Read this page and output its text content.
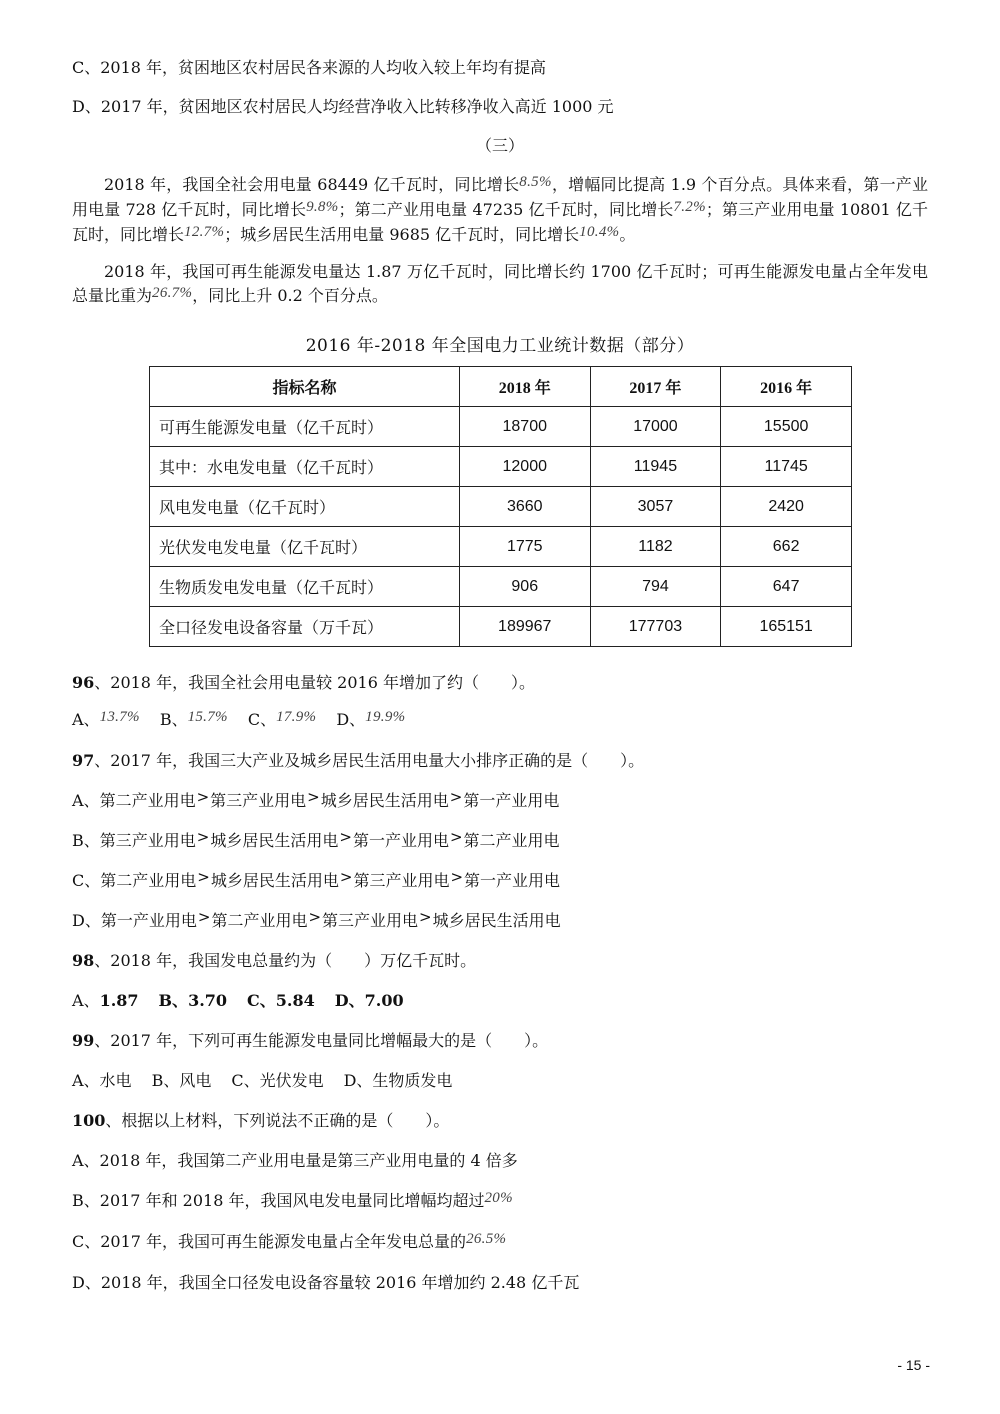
C、2018 年，贫困地区农村居民各来源的人均收入较上年均有提高

D、2017 年，贫困地区农村居民人均经营净收入比转移净收入高近 1000 元

（三）

2018 年，我国全社会用电量 68449 亿千瓦时，同比增长8.5%，增幅同比提高 1.9 个百分点。具体来看，第一产业用电量 728 亿千瓦时，同比增长9.8%；第二产业用电量 47235 亿千瓦时，同比增长7.2%；第三产业用电量 10801 亿千瓦时，同比增长12.7%；城乡居民生活用电量 9685 亿千瓦时，同比增长10.4%。

2018 年，我国可再生能源发电量达 1.87 万亿千瓦时，同比增长约 1700 亿千瓦时；可再生能源发电量占全年发电总量比重为26.7%，同比上升 0.2 个百分点。

2016 年-2018 年全国电力工业统计数据（部分）
指标名称	2018 年	2017 年	2016 年
可再生能源发电量（亿千瓦时）	18700	17000	15500
其中：水电发电量（亿千瓦时）	12000	11945	11745
风电发电量（亿千瓦时）	3660	3057	2420
光伏发电发电量（亿千瓦时）	1775	1182	662
生物质发电发电量（亿千瓦时）	906	794	647
全口径发电设备容量（万千瓦）	189967	177703	165151

96、2018 年，我国全社会用电量较 2016 年增加了约（　　）。

A、13.7% B、15.7% C、17.9% D、19.9%

97、2017 年，我国三大产业及城乡居民生活用电量大小排序正确的是（　　）。

A、第二产业用电>第三产业用电>城乡居民生活用电>第一产业用电

B、第三产业用电>城乡居民生活用电>第一产业用电>第二产业用电

C、第二产业用电>城乡居民生活用电>第三产业用电>第一产业用电

D、第一产业用电>第二产业用电>第三产业用电>城乡居民生活用电

98、2018 年，我国发电总量约为（　　）万亿千瓦时。

A、1.87 B、3.70 C、5.84 D、7.00

99、2017 年，下列可再生能源发电量同比增幅最大的是（　　）。

A、水电 B、风电 C、光伏发电 D、生物质发电

100、根据以上材料，下列说法不正确的是（　　）。

A、2018 年，我国第二产业用电量是第三产业用电量的 4 倍多

B、2017 年和 2018 年，我国风电发电量同比增幅均超过20%

C、2017 年，我国可再生能源发电量占全年发电总量的26.5%

D、2018 年，我国全口径发电设备容量较 2016 年增加约 2.48 亿千瓦

- 15 -
